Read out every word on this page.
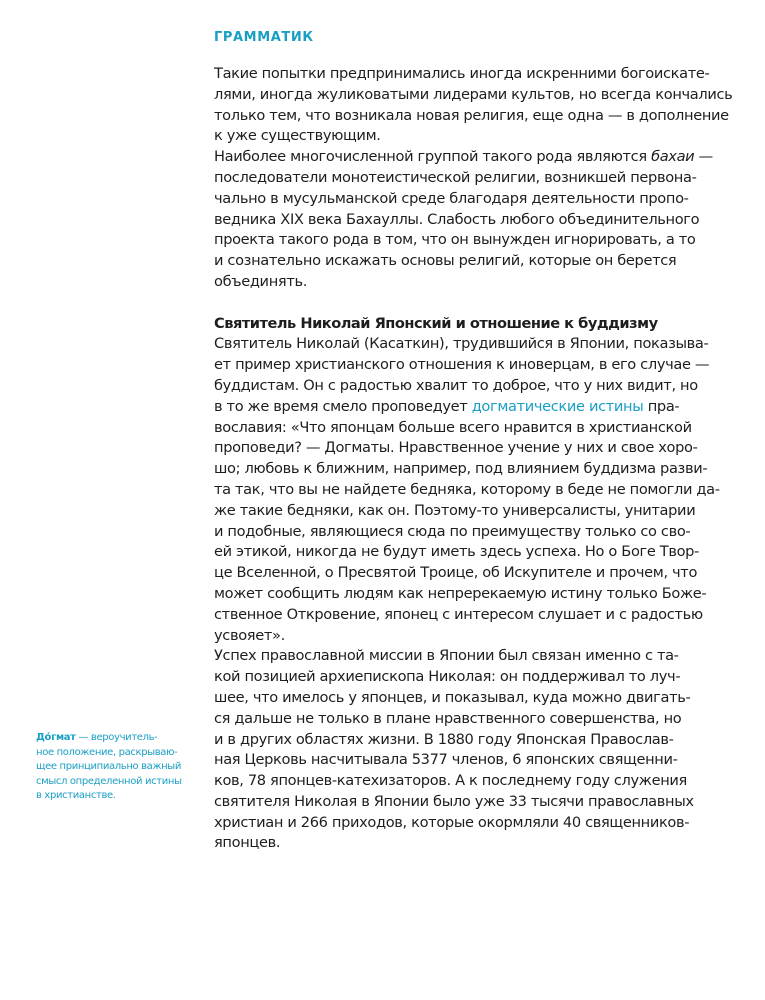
ГРАММАТИК
Такие попытки предпринимались иногда искренними богоискате-
лями, иногда жуликоватыми лидерами культов, но всегда кончались
только тем, что возникала новая религия, еще одна — в дополнение
к уже существующим.
Наиболее многочисленной группой такого рода являются бахаи —
последователи монотеистической религии, возникшей первона-
чально в мусульманской среде благодаря деятельности пропо-
ведника XIX века Бахауллы. Слабость любого объединительного
проекта такого рода в том, что он вынужден игнорировать, а то
и сознательно искажать основы религий, которые он берется
объединять.
Святитель Николай Японский и отношение к буддизму
Святитель Николай (Касаткин), трудившийся в Японии, показыва-
ет пример христианского отношения к иноверцам, в его случае —
буддистам. Он с радостью хвалит то доброе, что у них видит, но
в то же время смело проповедует догматические истины пра-
вославия: «Что японцам больше всего нравится в христианской
проповеди? — Догматы. Нравственное учение у них и свое хоро-
шо; любовь к ближним, например, под влиянием буддизма разви-
та так, что вы не найдете бедняка, которому в беде не помогли да-
же такие бедняки, как он. Поэтому-то универсалисты, унитарии
и подобные, являющиеся сюда по преимуществу только со сво-
ей этикой, никогда не будут иметь здесь успеха. Но о Боге Твор-
це Вселенной, о Пресвятой Троице, об Искупителе и прочем, что
может сообщить людям как непререкаемую истину только Боже-
ственное Откровение, японец с интересом слушает и с радостью
усвояет».
Успех православной миссии в Японии был связан именно с та-
кой позицией архиепископа Николая: он поддерживал то луч-
шее, что имелось у японцев, и показывал, куда можно двигать-
ся дальше не только в плане нравственного совершенства, но
и в других областях жизни. В 1880 году Японская Православ-
ная Церковь насчитывала 5377 членов, 6 японских священни-
ков, 78 японцев-катехизаторов. А к последнему году служения
святителя Николая в Японии было уже 33 тысячи православных
христиан и 266 приходов, которые окормляли 40 священников-
японцев.
До́гмат — вероучитель-
ное положение, раскрываю-
щее принципиально важный
смысл определенной истины
в христианстве.
